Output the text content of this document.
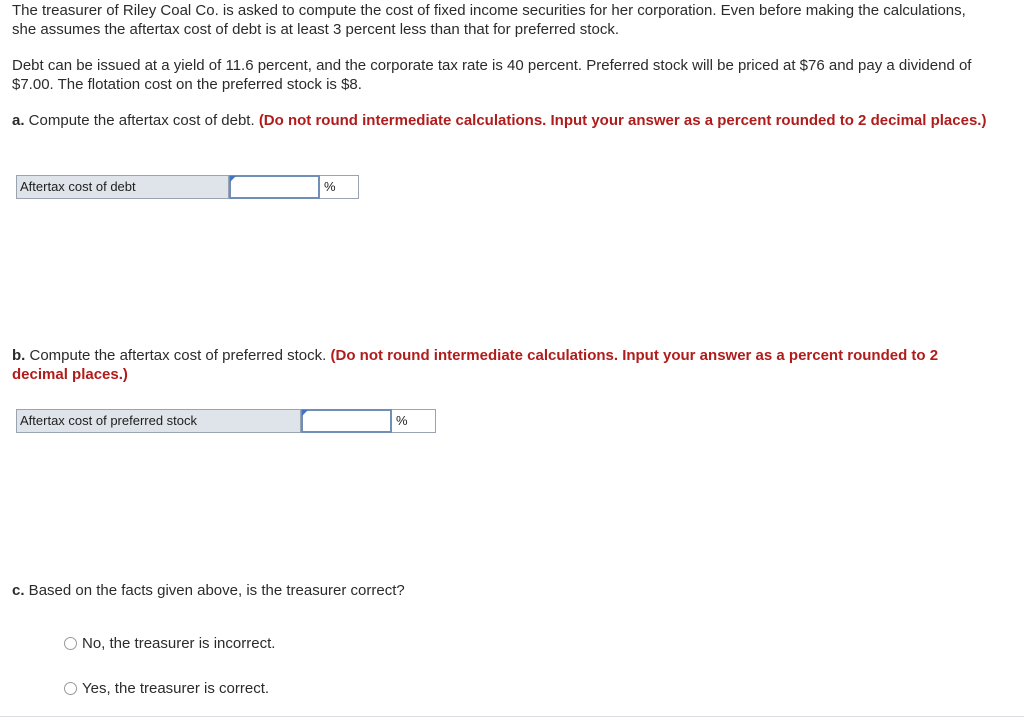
The treasurer of Riley Coal Co. is asked to compute the cost of fixed income securities for her corporation. Even before making the calculations, she assumes the aftertax cost of debt is at least 3 percent less than that for preferred stock.

Debt can be issued at a yield of 11.6 percent, and the corporate tax rate is 40 percent. Preferred stock will be priced at $76 and pay a dividend of $7.00. The flotation cost on the preferred stock is $8.

a. Compute the aftertax cost of debt. (Do not round intermediate calculations. Input your answer as a percent rounded to 2 decimal places.)

Aftertax cost of debt	%

b. Compute the aftertax cost of preferred stock. (Do not round intermediate calculations. Input your answer as a percent rounded to 2 decimal places.)

Aftertax cost of preferred stock	%

c. Based on the facts given above, is the treasurer correct?

No, the treasurer is incorrect.
Yes, the treasurer is correct.
